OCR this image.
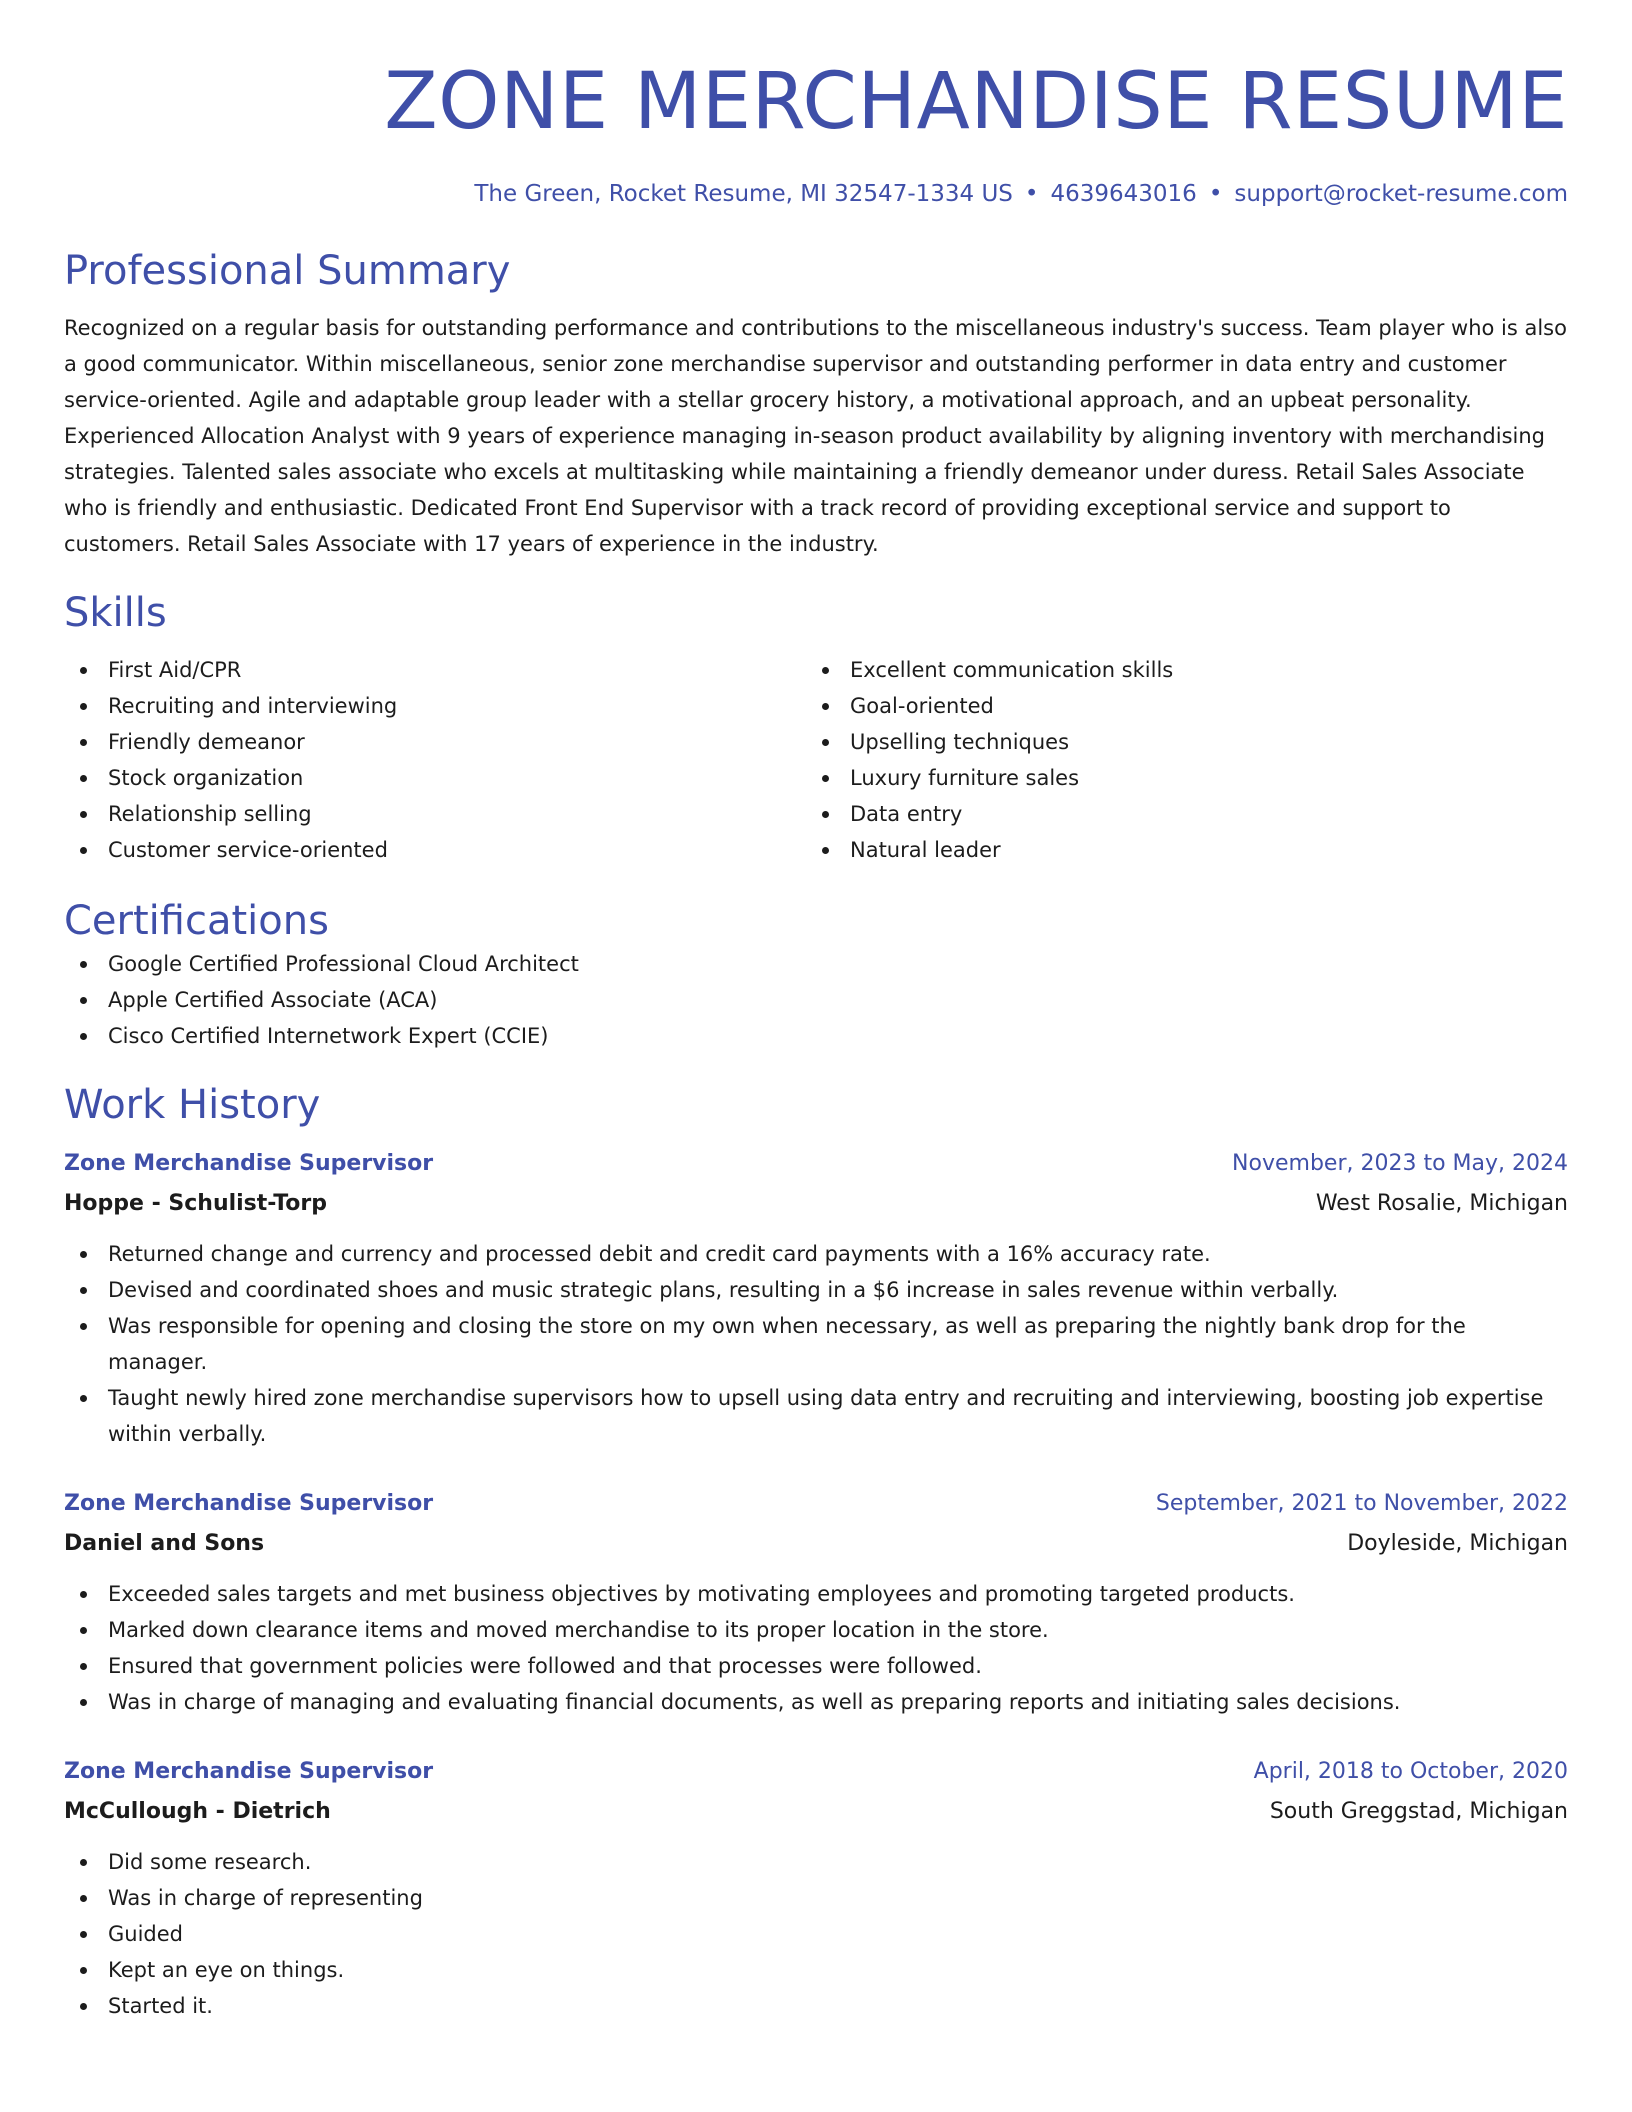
ZONE MERCHANDISE RESUME
The Green, Rocket Resume, MI 32547-1334 US • 4639643016 • support@rocket-resume.com
Professional Summary
Recognized on a regular basis for outstanding performance and contributions to the miscellaneous industry's success. Team player who is also a good communicator. Within miscellaneous, senior zone merchandise supervisor and outstanding performer in data entry and customer service-oriented. Agile and adaptable group leader with a stellar grocery history, a motivational approach, and an upbeat personality. Experienced Allocation Analyst with 9 years of experience managing in-season product availability by aligning inventory with merchandising strategies. Talented sales associate who excels at multitasking while maintaining a friendly demeanor under duress. Retail Sales Associate who is friendly and enthusiastic. Dedicated Front End Supervisor with a track record of providing exceptional service and support to customers. Retail Sales Associate with 17 years of experience in the industry.
Skills
First Aid/CPR
Recruiting and interviewing
Friendly demeanor
Stock organization
Relationship selling
Customer service-oriented
Excellent communication skills
Goal-oriented
Upselling techniques
Luxury furniture sales
Data entry
Natural leader
Certifications
Google Certified Professional Cloud Architect
Apple Certified Associate (ACA)
Cisco Certified Internetwork Expert (CCIE)
Work History
Zone Merchandise Supervisor	November, 2023 to May, 2024
Hoppe - Schulist-Torp	West Rosalie, Michigan
Returned change and currency and processed debit and credit card payments with a 16% accuracy rate.
Devised and coordinated shoes and music strategic plans, resulting in a $6 increase in sales revenue within verbally.
Was responsible for opening and closing the store on my own when necessary, as well as preparing the nightly bank drop for the manager.
Taught newly hired zone merchandise supervisors how to upsell using data entry and recruiting and interviewing, boosting job expertise within verbally.
Zone Merchandise Supervisor	September, 2021 to November, 2022
Daniel and Sons	Doyleside, Michigan
Exceeded sales targets and met business objectives by motivating employees and promoting targeted products.
Marked down clearance items and moved merchandise to its proper location in the store.
Ensured that government policies were followed and that processes were followed.
Was in charge of managing and evaluating financial documents, as well as preparing reports and initiating sales decisions.
Zone Merchandise Supervisor	April, 2018 to October, 2020
McCullough - Dietrich	South Greggstad, Michigan
Did some research.
Was in charge of representing
Guided
Kept an eye on things.
Started it.
